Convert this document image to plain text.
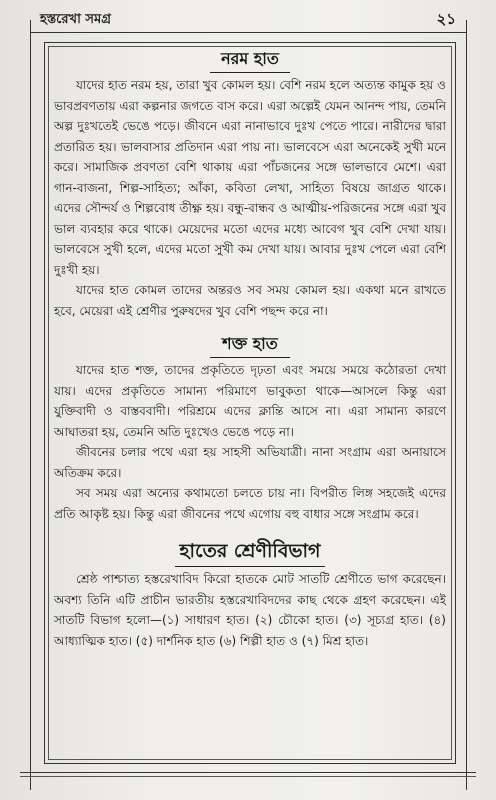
হস্তরেখা সমগ্র	২১
নরম হাত

যাদের হাত নরম হয়, তারা খুব কোমল হয়। বেশি নরম হলে অত্যন্ত কামুক হয় ও ভাবপ্রবণতায় এরা কল্পনার জগতে বাস করে। এরা অল্পেই যেমন আনন্দ পায়, তেমনি অল্প দুঃখতেই ভেঙে পড়ে। জীবনে এরা নানাভাবে দুঃখ পেতে পারে। নারীদের দ্বারা প্রতারিত হয়। ভালবাসার প্রতিদান এরা পায় না। ভালবেসে এরা অনেকেই সুখী মনে করে। সামাজিক প্রবণতা বেশি থাকায় এরা পাঁচজনের সঙ্গে ভালভাবে মেশে। এরা গান-বাজনা, শিল্প-সাহিত্য; আঁকা, কবিতা লেখা, সাহিত্য বিষয়ে জাগ্রত থাকে। এদের সৌন্দর্য ও শিল্পবোধ তীক্ষ্ণ হয়। বন্ধু-বান্ধব ও আত্মীয়-পরিজনের সঙ্গে এরা খুব ভাল ব্যবহার করে থাকে। মেয়েদের মতো এদের মধ্যে আবেগ খুব বেশি দেখা যায়। ভালবেসে সুখী হলে, এদের মতো সুখী কম দেখা যায়। আবার দুঃখ পেলে এরা বেশি দুঃখী হয়।

যাদের হাত কোমল তাদের অন্তরও সব সময় কোমল হয়। একথা মনে রাখতে হবে, মেয়েরা এই শ্রেণীর পুরুষদের খুব বেশি পছন্দ করে না।

শক্ত হাত

যাদের হাত শক্ত, তাদের প্রকৃতিতে দৃঢ়তা এবং সময়ে সময়ে কঠোরতা দেখা যায়। এদের প্রকৃতিতে সামান্য পরিমাণে ভাবুকতা থাকে—আসলে কিন্তু এরা যুক্তিবাদী ও বাস্তববাদী। পরিশ্রমে এদের ক্লান্তি আসে না। এরা সামান্য কারণে আঘাতরা হয়, তেমনি অতি দুঃখেও ভেঙে পড়ে না।

জীবনের চলার পথে এরা হয় সাহসী অভিযাত্রী। নানা সংগ্রাম এরা অনায়াসে অতিক্রম করে।

সব সময় এরা অন্যের কথামতো চলতে চায় না। বিপরীত লিঙ্গ সহজেই এদের প্রতি আকৃষ্ট হয়। কিন্তু এরা জীবনের পথে এগোয় বহু বাধার সঙ্গে সংগ্রাম করে।

হাতের শ্রেণীবিভাগ

শ্রেষ্ঠ পাশ্চাত্য হস্তরেখাবিদ কিরো হাতকে মোট সাতটি শ্রেণীতে ভাগ করেছেন। অবশ্য তিনি এটি প্রাচীন ভারতীয় হস্তরেখাবিদদের কাছ থেকে গ্রহণ করেছেন। এই সাতটি বিভাগ হলো—(১) সাধারণ হাত। (২) চৌকো হাত। (৩) সূচ্যগ্র হাত। (৪) আধ্যাত্মিক হাত। (৫) দার্শনিক হাত (৬) শিল্পী হাত ও (৭) মিশ্র হাত।
